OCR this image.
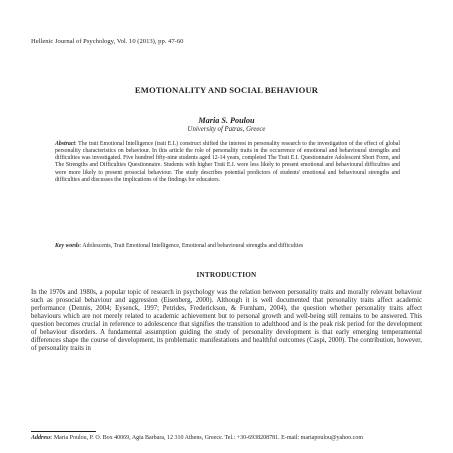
Hellenic Journal of Psychology, Vol. 10 (2013), pp. 47-60
EMOTIONALITY AND SOCIAL BEHAVIOUR
Maria S. Poulou
University of Patras, Greece
Abstract: The trait Emotional Intelligence (trait E.I.) construct shifted the interest in personality research to the investigation of the effect of global personality characteristics on behaviour. In this article the role of personality traits in the occurrence of emotional and behavioural strengths and difficulties was investigated. Five hundred fifty-nine students aged 12-14 years, completed The Trait E.I. Questionnaire Adolescent Short Form, and The Strengths and Difficulties Questionnaire. Students with higher Trait E.I. were less likely to present emotional and behavioural difficulties and were more likely to present prosocial behaviour. The study describes potential predictors of students' emotional and behavioural strengths and difficulties and discusses the implications of the findings for educators.
Key words: Adolescents, Trait Emotional Intelligence, Emotional and behavioural strengths and difficulties
INTRODUCTION

In the 1970s and 1980s, a popular topic of research in psychology was the relation between personality traits and morally relevant behaviour such as prosocial behaviour and aggression (Eisenberg, 2000). Although it is well documented that personality traits affect academic performance (Dennis, 2004; Eysenck, 1997; Petrides, Frederickson, & Furnham, 2004), the question whether personality traits affect behaviours which are not merely related to academic achievement but to personal growth and well-being still remains to be answered. This question becomes crucial in reference to adolescence that signifies the transition to adulthood and is the peak risk period for the development of behaviour disorders. A fundamental assumption guiding the study of personality development is that early emerging temperamental differences shape the course of development, its problematic manifestations and healthful outcomes (Caspi, 2000). The contribution, however, of personality traits in

Address: Maria Poulou, P. O. Box 40069, Agia Barbara, 12 310 Athens, Greece. Tel.: +30-6938208781. E-mail: mariapoulou@yahoo.com
